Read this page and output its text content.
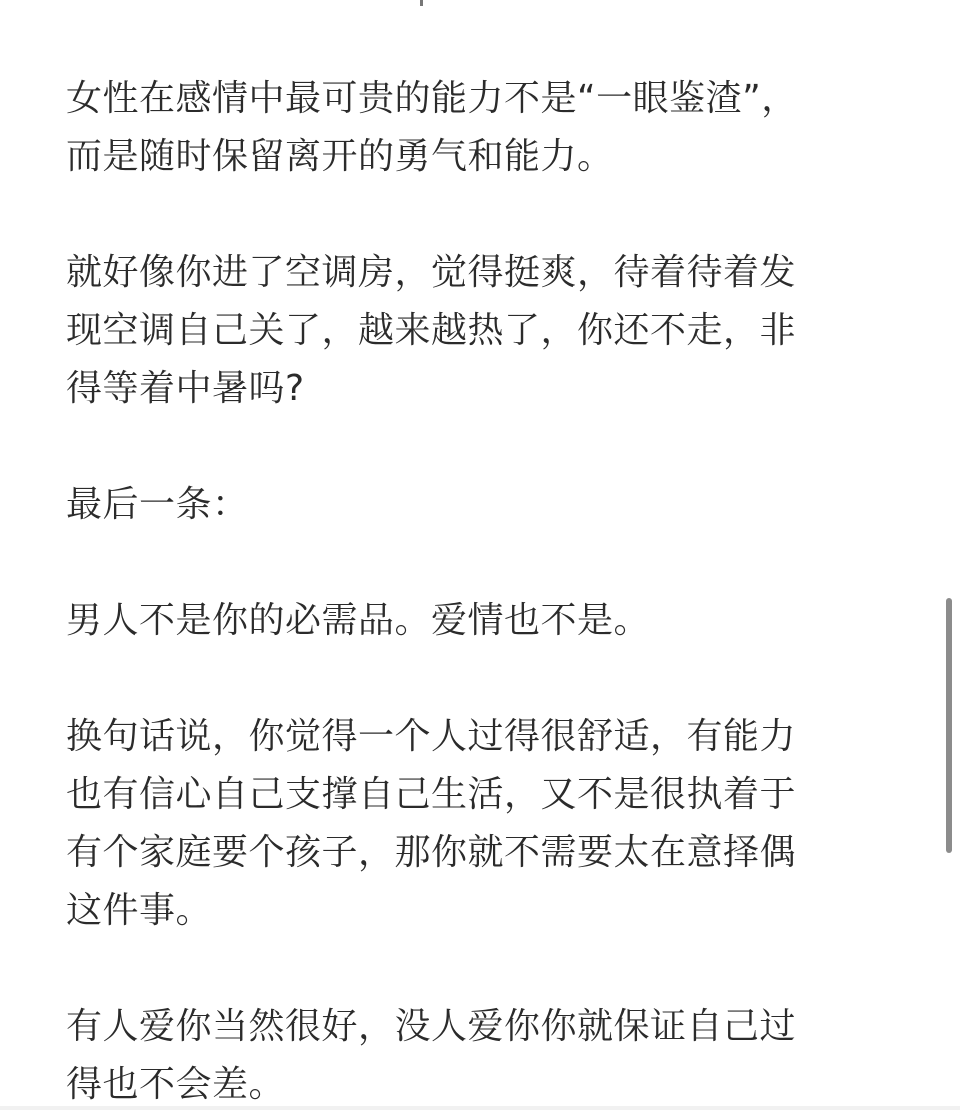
女性在感情中最可贵的能力不是“一眼鉴渣”，
而是随时保留离开的勇气和能力。

就好像你进了空调房，觉得挺爽，待着待着发
现空调自己关了，越来越热了，你还不走，非
得等着中暑吗?

最后一条：

男人不是你的必需品。爱情也不是。

换句话说，你觉得一个人过得很舒适，有能力
也有信心自己支撑自己生活，又不是很执着于
有个家庭要个孩子，那你就不需要太在意择偶
这件事。

有人爱你当然很好，没人爱你你就保证自己过
得也不会差。
